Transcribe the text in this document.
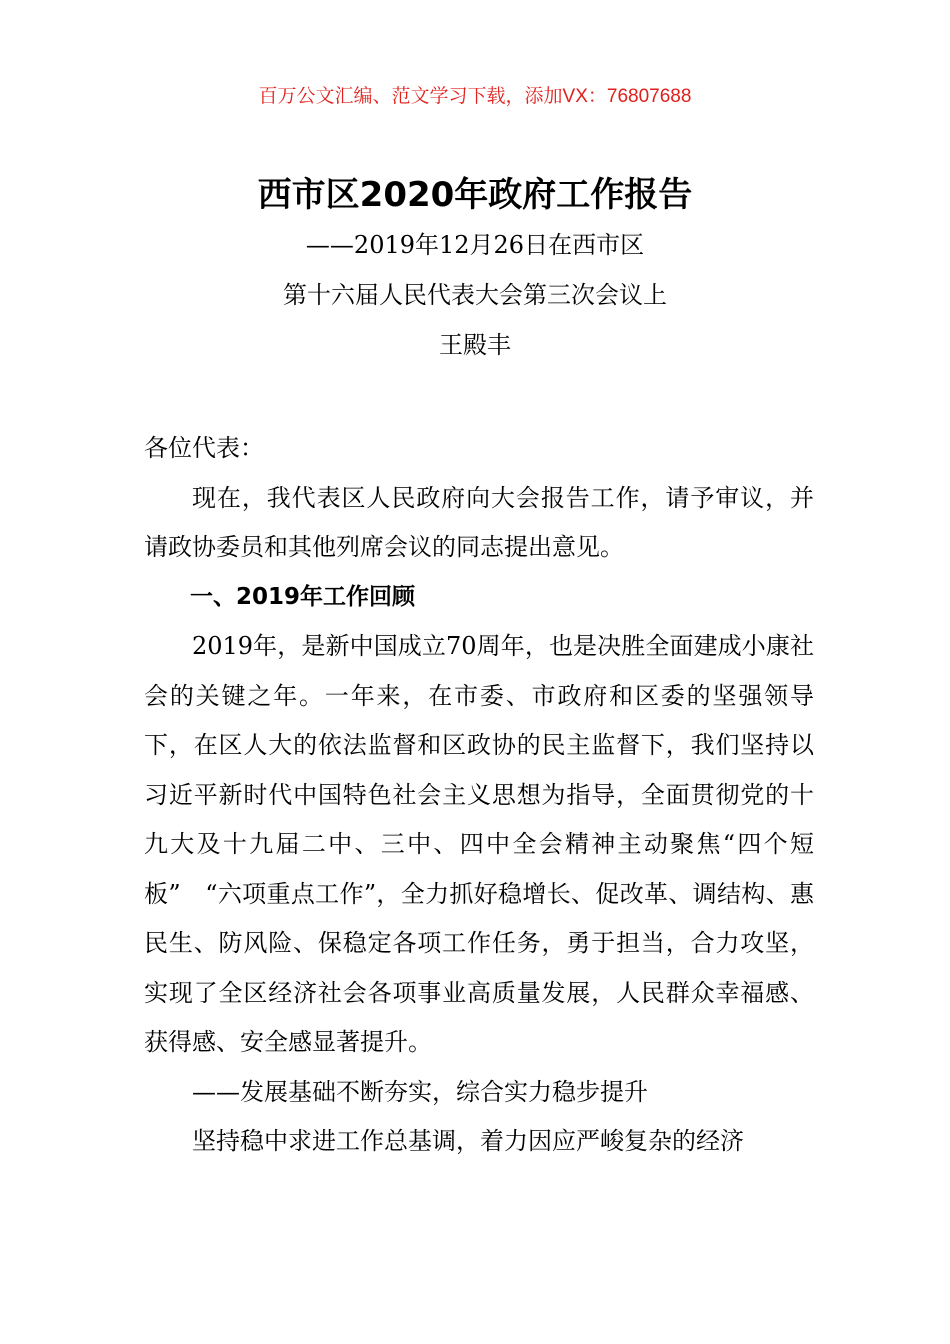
百万公文汇编、范文学习下载，添加VX：76807688
西市区2020年政府工作报告
——2019年12月26日在西市区
第十六届人民代表大会第三次会议上
王殿丰

各位代表：

现在，我代表区人民政府向大会报告工作，请予审议，并请政协委员和其他列席会议的同志提出意见。

一、2019年工作回顾

2019年，是新中国成立70周年，也是决胜全面建成小康社会的关键之年。一年来，在市委、市政府和区委的坚强领导下，在区人大的依法监督和区政协的民主监督下，我们坚持以习近平新时代中国特色社会主义思想为指导，全面贯彻党的十九大及十九届二中、三中、四中全会精神主动聚焦“四个短板”　“六项重点工作”，全力抓好稳增长、促改革、调结构、惠民生、防风险、保稳定各项工作任务，勇于担当，合力攻坚，实现了全区经济社会各项事业高质量发展，人民群众幸福感、获得感、安全感显著提升。

——发展基础不断夯实，综合实力稳步提升

坚持稳中求进工作总基调，着力因应严峻复杂的经济
